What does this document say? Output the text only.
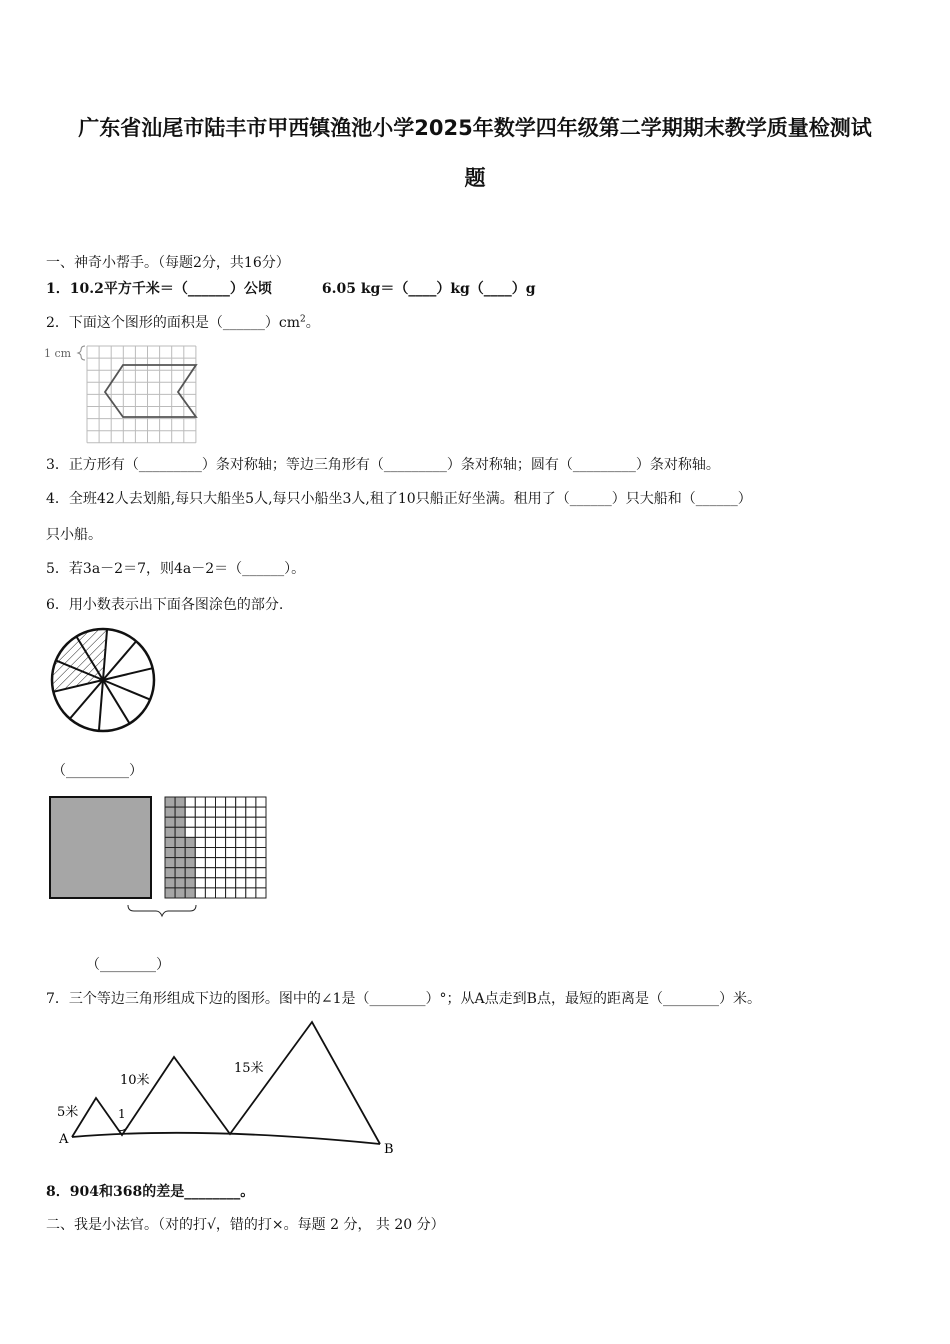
广东省汕尾市陆丰市甲西镇渔池小学2025年数学四年级第二学期期末教学质量检测试
题
一、神奇小帮手。（每题2分，共16分）
1．10.2平方千米＝（______）公顷	6.05 kg＝（____）kg（____）g
2．下面这个图形的面积是$(\_\_\_\_\_\_)cm^2$。
1 cm
3．正方形有（_________）条对称轴；等边三角形有（_________）条对称轴；圆有（_________）条对称轴。
4．全班42人去划船,每只大船坐5人,每只小船坐3人,租了10只船正好坐满。租用了（______）只大船和（______）
只小船。
5．若3a－2＝7，则4a－2＝（______）。
6．用小数表示出下面各图涂色的部分.
（_________）
（________）
7．三个等边三角形组成下边的图形。图中的∠1是（________）°；从A点走到B点，最短的距离是（________）米。
A
B
1
5米
10米
15米
8．904和368的差是________。
二、我是小法官。（对的打√，错的打×。每题 2 分， 共 20 分）
